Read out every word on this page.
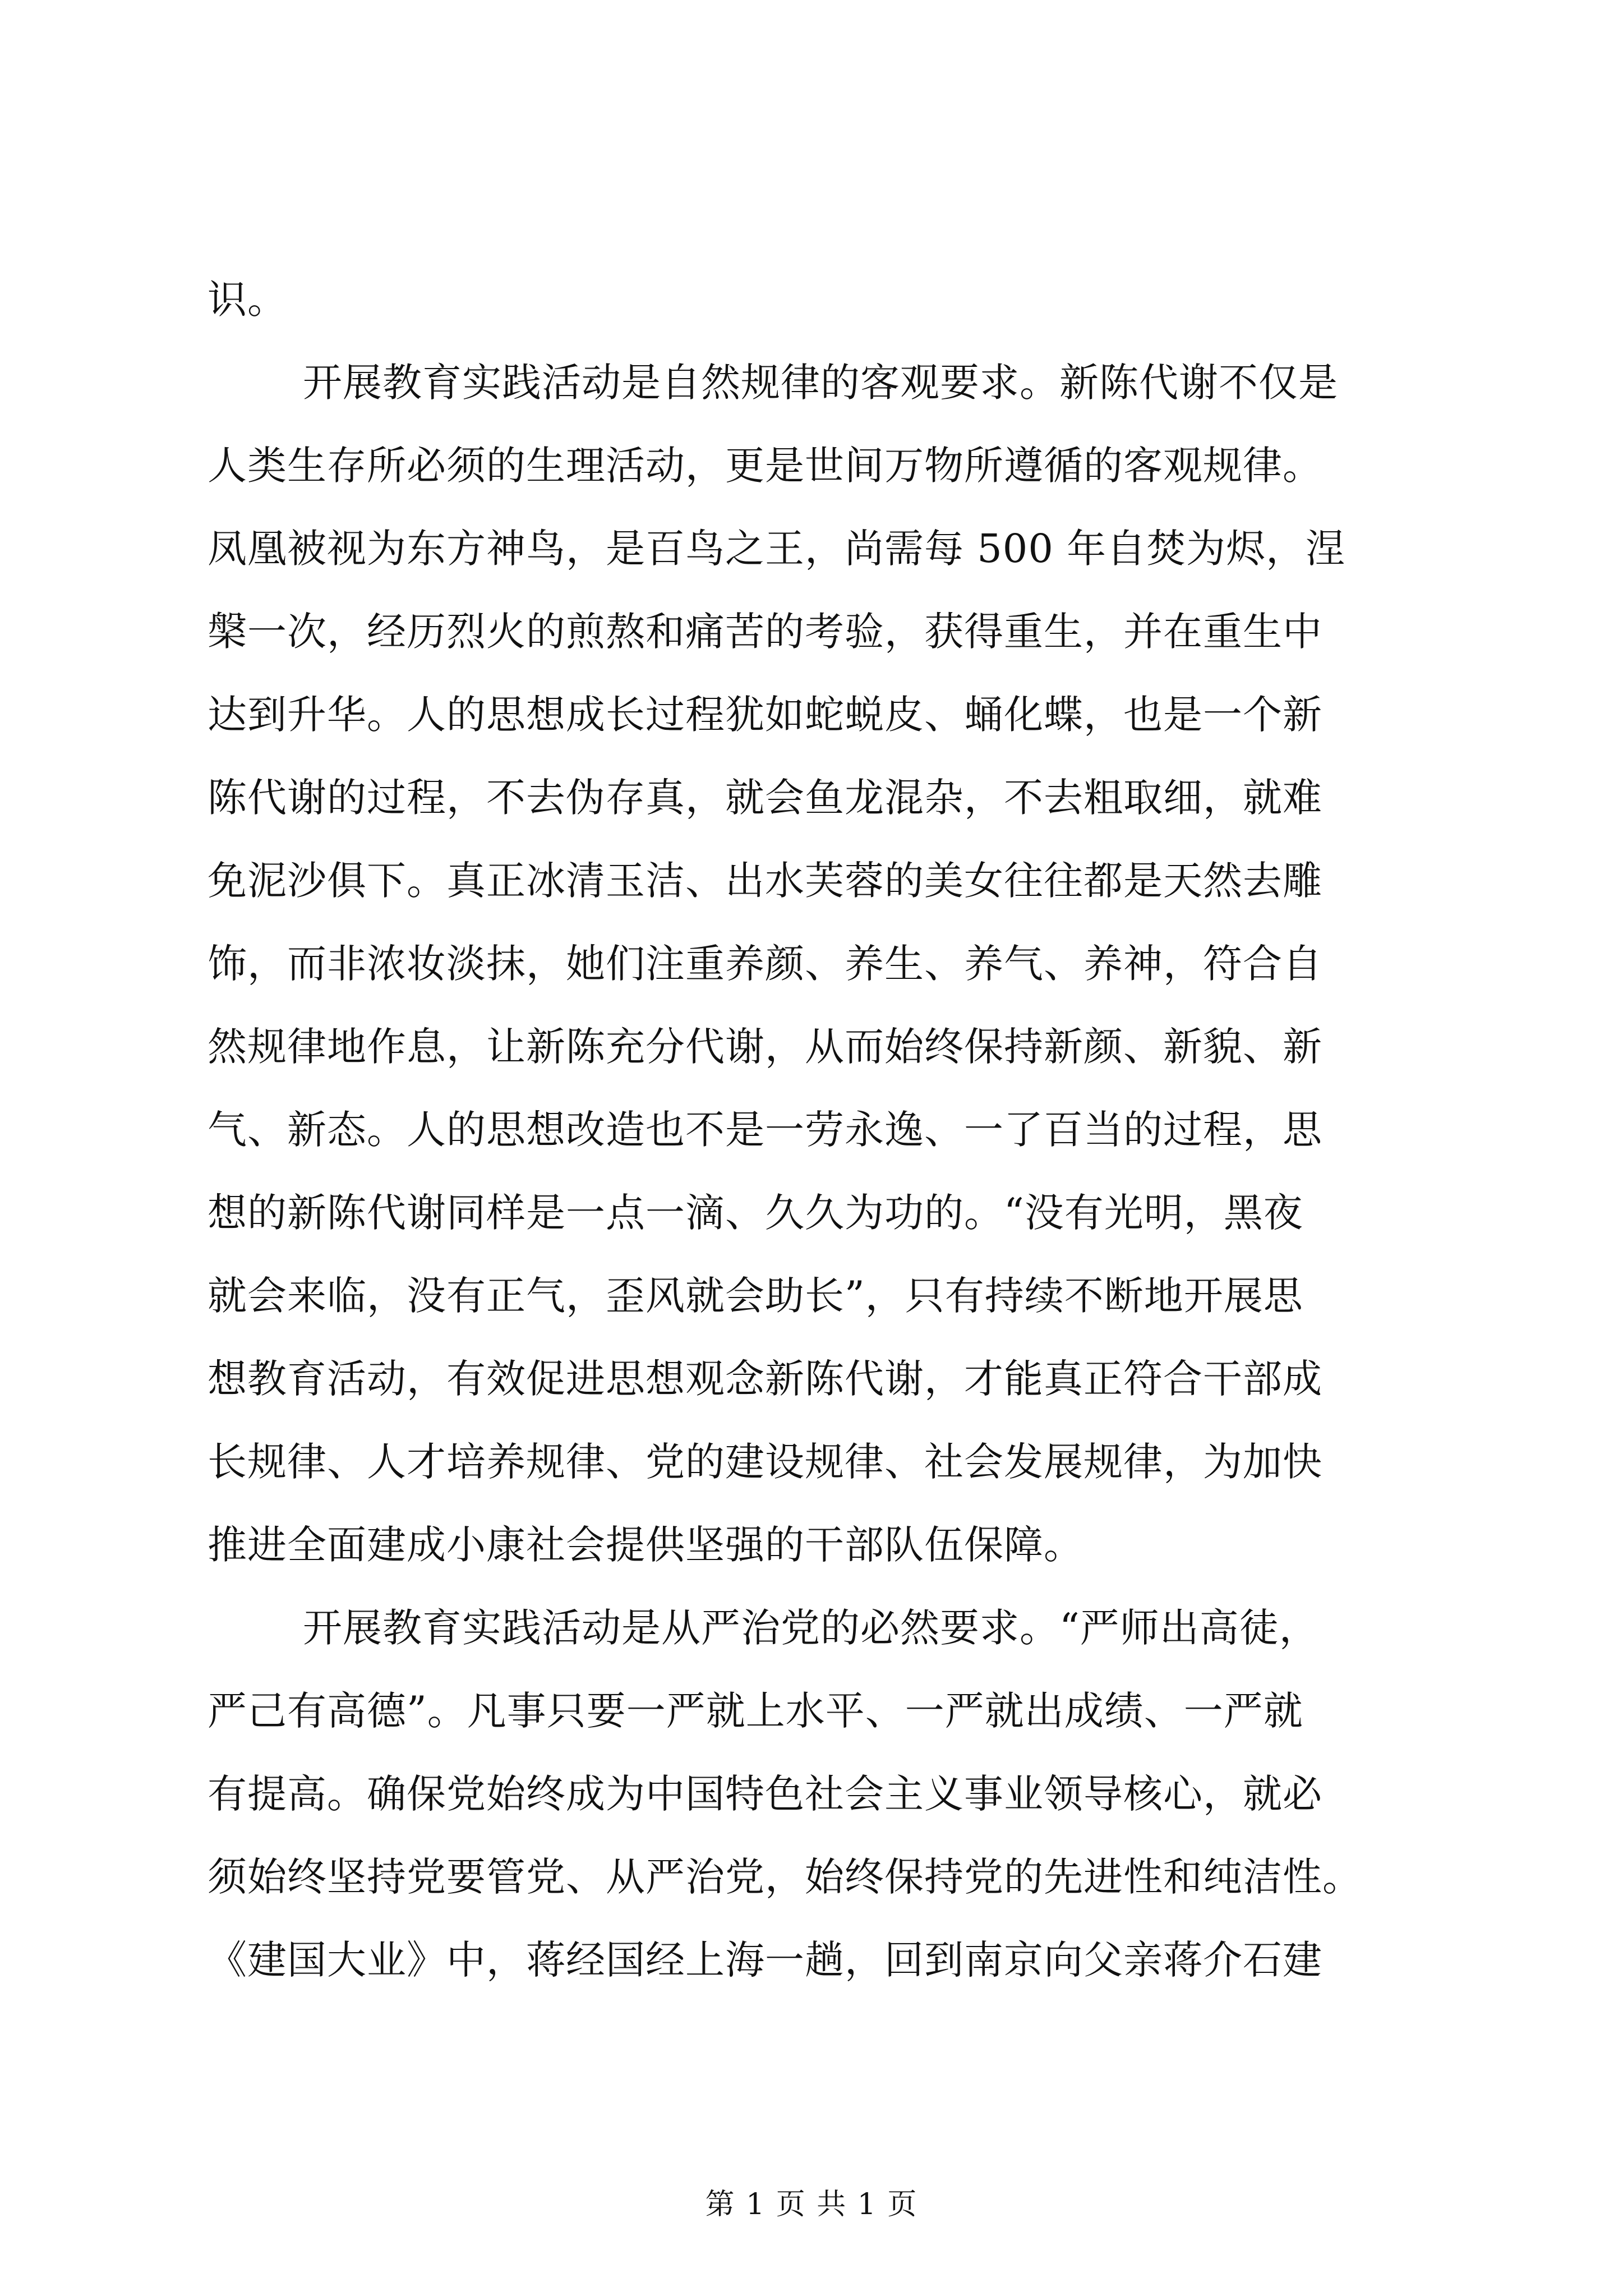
识。
开展教育实践活动是自然规律的客观要求。新陈代谢不仅是
人类生存所必须的生理活动，更是世间万物所遵循的客观规律。
凤凰被视为东方神鸟，是百鸟之王，尚需每 500 年自焚为烬，涅
槃一次，经历烈火的煎熬和痛苦的考验，获得重生，并在重生中
达到升华。人的思想成长过程犹如蛇蜕皮、蛹化蝶，也是一个新
陈代谢的过程，不去伪存真，就会鱼龙混杂，不去粗取细，就难
免泥沙俱下。真正冰清玉洁、出水芙蓉的美女往往都是天然去雕
饰，而非浓妆淡抹，她们注重养颜、养生、养气、养神，符合自
然规律地作息，让新陈充分代谢，从而始终保持新颜、新貌、新
气、新态。人的思想改造也不是一劳永逸、一了百当的过程，思
想的新陈代谢同样是一点一滴、久久为功的。“没有光明，黑夜
就会来临，没有正气，歪风就会助长”，只有持续不断地开展思
想教育活动，有效促进思想观念新陈代谢，才能真正符合干部成
长规律、人才培养规律、党的建设规律、社会发展规律，为加快
推进全面建成小康社会提供坚强的干部队伍保障。
开展教育实践活动是从严治党的必然要求。“严师出高徒，
严己有高德”。凡事只要一严就上水平、一严就出成绩、一严就
有提高。确保党始终成为中国特色社会主义事业领导核心，就必
须始终坚持党要管党、从严治党，始终保持党的先进性和纯洁性。
《建国大业》中，蒋经国经上海一趟，回到南京向父亲蒋介石建
第 1 页 共 1 页
